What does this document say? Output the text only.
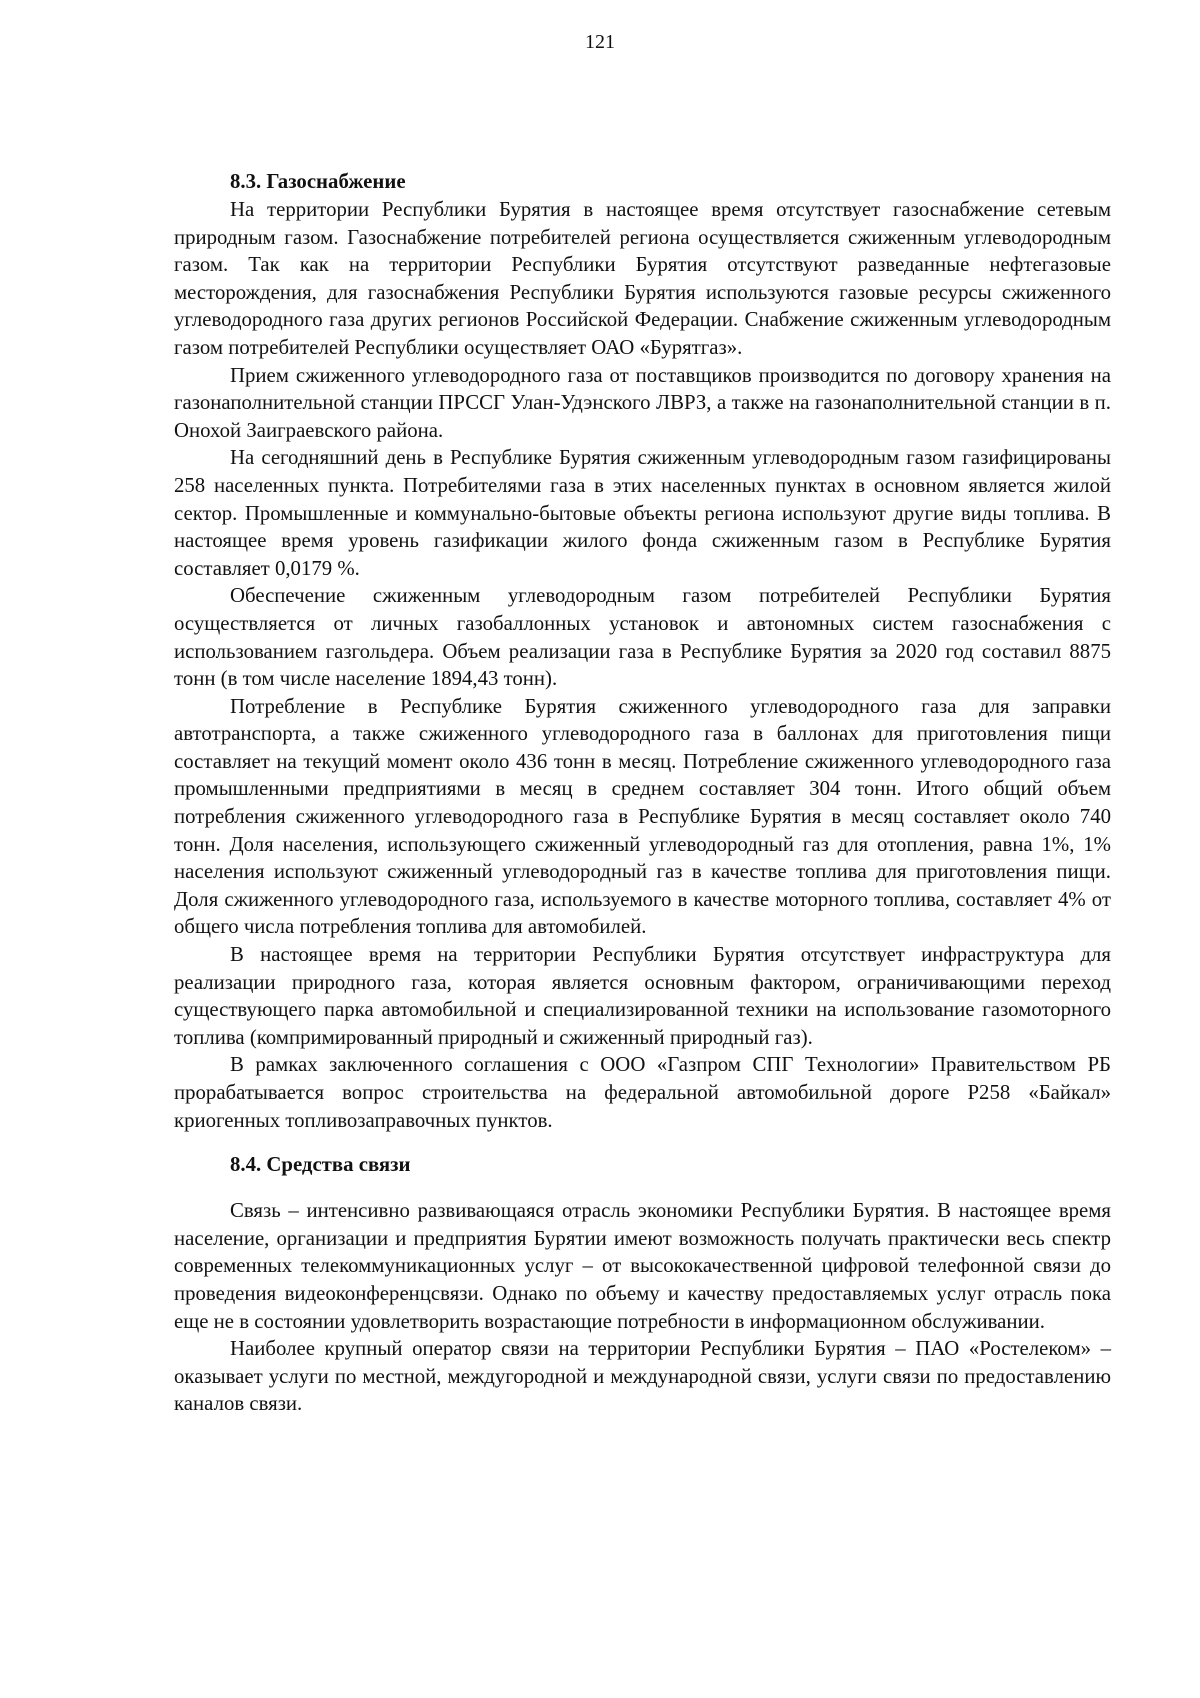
121
8.3. Газоснабжение

На территории Республики Бурятия в настоящее время отсутствует газоснабжение сетевым природным газом. Газоснабжение потребителей региона осуществляется сжиженным углеводородным газом. Так как на территории Республики Бурятия отсутствуют разведанные нефтегазовые месторождения, для газоснабжения Республики Бурятия используются газовые ресурсы сжиженного углеводородного газа других регионов Российской Федерации. Снабжение сжиженным углеводородным газом потребителей Республики осуществляет ОАО «Бурятгаз».

Прием сжиженного углеводородного газа от поставщиков производится по договору хранения на газонаполнительной станции ПРССГ Улан-Удэнского ЛВРЗ, а также на газонаполнительной станции в п. Онохой Заиграевского района.

На сегодняшний день в Республике Бурятия сжиженным углеводородным газом газифицированы 258 населенных пункта. Потребителями газа в этих населенных пунктах в основном является жилой сектор. Промышленные и коммунально-бытовые объекты региона используют другие виды топлива. В настоящее время уровень газификации жилого фонда сжиженным газом в Республике Бурятия составляет 0,0179 %.

Обеспечение сжиженным углеводородным газом потребителей Республики Бурятия осуществляется от личных газобаллонных установок и автономных систем газоснабжения с использованием газгольдера. Объем реализации газа в Республике Бурятия за 2020 год составил 8875 тонн (в том числе население 1894,43 тонн).

Потребление в Республике Бурятия сжиженного углеводородного газа для заправки автотранспорта, а также сжиженного углеводородного газа в баллонах для приготовления пищи составляет на текущий момент около 436 тонн в месяц. Потребление сжиженного углеводородного газа промышленными предприятиями в месяц в среднем составляет 304 тонн. Итого общий объем потребления сжиженного углеводородного газа в Республике Бурятия в месяц составляет около 740 тонн. Доля населения, использующего сжиженный углеводородный газ для отопления, равна 1%, 1% населения используют сжиженный углеводородный газ в качестве топлива для приготовления пищи. Доля сжиженного углеводородного газа, используемого в качестве моторного топлива, составляет 4% от общего числа потребления топлива для автомобилей.

В настоящее время на территории Республики Бурятия отсутствует инфраструктура для реализации природного газа, которая является основным фактором, ограничивающими переход существующего парка автомобильной и специализированной техники на использование газомоторного топлива (компримированный природный и сжиженный природный газ).

В рамках заключенного соглашения с ООО «Газпром СПГ Технологии» Правительством РБ прорабатывается вопрос строительства на федеральной автомобильной дороге Р258 «Байкал» криогенных топливозаправочных пунктов.

8.4. Средства связи

Связь – интенсивно развивающаяся отрасль экономики Республики Бурятия. В настоящее время население, организации и предприятия Бурятии имеют возможность получать практически весь спектр современных телекоммуникационных услуг – от высококачественной цифровой телефонной связи до проведения видеоконференцсвязи. Однако по объему и качеству предоставляемых услуг отрасль пока еще не в состоянии удовлетворить возрастающие потребности в информационном обслуживании.

Наиболее крупный оператор связи на территории Республики Бурятия – ПАО «Ростелеком» – оказывает услуги по местной, междугородной и международной связи, услуги связи по предоставлению каналов связи.
